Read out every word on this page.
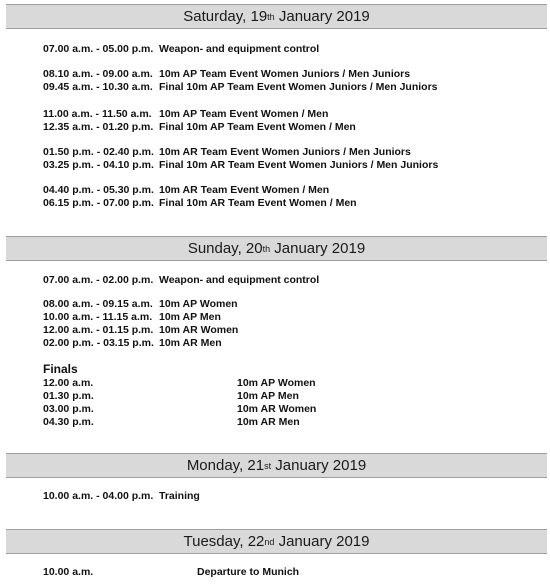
Saturday, 19th January 2019
07.00 a.m. - 05.00 p.m. Weapon- and equipment control
08.10 a.m. - 09.00 a.m. 10m AP Team Event Women Juniors / Men Juniors
09.45 a.m. - 10.30 a.m. Final 10m AP Team Event Women Juniors / Men Juniors
11.00 a.m. - 11.50 a.m. 10m AP Team Event Women / Men
12.35 a.m. - 01.20 p.m. Final 10m AP Team Event Women / Men
01.50 p.m. - 02.40 p.m. 10m AR Team Event Women Juniors / Men Juniors
03.25 p.m. - 04.10 p.m. Final 10m AR Team Event Women Juniors / Men Juniors
04.40 p.m. - 05.30 p.m. 10m AR Team Event Women / Men
06.15 p.m. - 07.00 p.m. Final 10m AR Team Event Women / Men
Sunday, 20th January 2019
07.00 a.m. - 02.00 p.m. Weapon- and equipment control
08.00 a.m. - 09.15 a.m. 10m AP Women
10.00 a.m. - 11.15 a.m. 10m AP Men
12.00 a.m. - 01.15 p.m. 10m AR Women
02.00 p.m. - 03.15 p.m. 10m AR Men
Finals
12.00 a.m.	10m AP Women
01.30 p.m.	10m AP Men
03.00 p.m.	10m AR Women
04.30 p.m.	10m AR Men
Monday, 21st January 2019
10.00 a.m. - 04.00 p.m. Training
Tuesday, 22nd January 2019
10.00 a.m.	Departure to Munich
